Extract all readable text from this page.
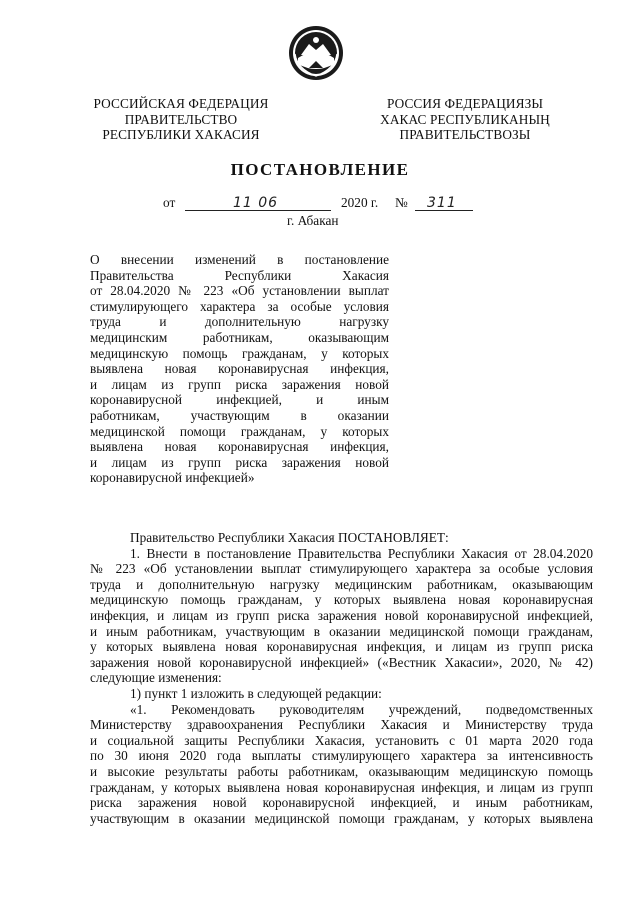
РОССИЙСКАЯ ФЕДЕРАЦИЯ
ПРАВИТЕЛЬСТВО
РЕСПУБЛИКИ ХАКАСИЯ
РОССИЯ ФЕДЕРАЦИЯЗЫ
ХАКАС РЕСПУБЛИКАНЫҢ
ПРАВИТЕЛЬСТВОЗЫ
ПОСТАНОВЛЕНИЕ
от	11 06	2020 г. № 311
г. Абакан

О внесении изменений в постановление

Правительства Республики Хакасия

от 28.04.2020 № 223 «Об установлении выплат

стимулирующего характера за особые условия

труда и дополнительную нагрузку

медицинским работникам, оказывающим

медицинскую помощь гражданам, у которых

выявлена новая коронавирусная инфекция,

и лицам из групп риска заражения новой

коронавирусной инфекцией, и иным

работникам, участвующим в оказании

медицинской помощи гражданам, у которых

выявлена новая коронавирусная инфекция,

и лицам из групп риска заражения новой

коронавирусной инфекцией»

Правительство Республики Хакасия ПОСТАНОВЛЯЕТ:

1. Внести в постановление Правительства Республики Хакасия от 28.04.2020

№ 223 «Об установлении выплат стимулирующего характера за особые условия

труда и дополнительную нагрузку медицинским работникам, оказывающим

медицинскую помощь гражданам, у которых выявлена новая коронавирусная

инфекция, и лицам из групп риска заражения новой коронавирусной инфекцией,

и иным работникам, участвующим в оказании медицинской помощи гражданам,

у которых выявлена новая коронавирусная инфекция, и лицам из групп риска

заражения новой коронавирусной инфекцией» («Вестник Хакасии», 2020, № 42)

следующие изменения:

1) пункт 1 изложить в следующей редакции:

«1. Рекомендовать руководителям учреждений, подведомственных

Министерству здравоохранения Республики Хакасия и Министерству труда

и социальной защиты Республики Хакасия, установить с 01 марта 2020 года

по 30 июня 2020 года выплаты стимулирующего характера за интенсивность

и высокие результаты работы работникам, оказывающим медицинскую помощь

гражданам, у которых выявлена новая коронавирусная инфекция, и лицам из групп

риска заражения новой коронавирусной инфекцией, и иным работникам,

участвующим в оказании медицинской помощи гражданам, у которых выявлена
